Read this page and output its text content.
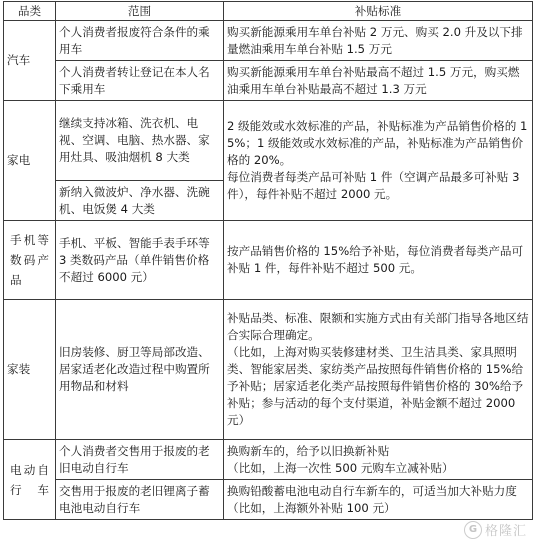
品类	范围	补贴标准
汽车	个人消费者报废符合条件的乘用车	购买新能源乘用车单台补贴 2 万元、购买 2.0 升及以下排量燃油乘用车单台补贴 1.5 万元
	个人消费者转让登记在本人名下乘用车	购买新能源乘用车单台补贴最高不超过 1.5 万元，购买燃油乘用车单台补贴最高不超过 1.3 万元
家电	继续支持冰箱、洗衣机、电视、空调、电脑、热水器、家用灶具、吸油烟机 8 大类	2 级能效或水效标准的产品，补贴标准为产品销售价格的 15%；1 级能效或水效标准的产品，补贴标准为产品销售价格的 20%。
每位消费者每类产品可补贴 1 件（空调产品最多可补贴 3 件），每件补贴不超过 2000 元。

	新纳入微波炉、净水器、洗碗机、电饭煲 4 大类	
手机等数码产品	手机、平板、智能手表手环等 3 类数码产品（单件销售价格不超过 6000 元）	按产品销售价格的 15%给予补贴，每位消费者每类产品可补贴 1 件，每件补贴不超过 500 元。
家装	旧房装修、厨卫等局部改造、居家适老化改造过程中购置所用物品和材料	补贴品类、标准、限额和实施方式由有关部门指导各地区结合实际合理确定。
（比如，上海对购买装修建材类、卫生洁具类、家具照明类、智能家居类、家纺类产品按照每件销售价格的 15%给予补贴；居家适老化类产品按照每件销售价格的 30%给予补贴；参与活动的每个支付渠道，补贴金额不超过 2000 元）

电动自行车	个人消费者交售用于报废的老旧电动自行车	换购新车的，给予以旧换新补贴
（比如，上海一次性 500 元购车立减补贴）

	交售用于报废的老旧锂离子蓄电池电动自行车	换购铅酸蓄电池电动自行车新车的，可适当加大补贴力度（比如，上海额外补贴 100 元）
G 格隆汇
